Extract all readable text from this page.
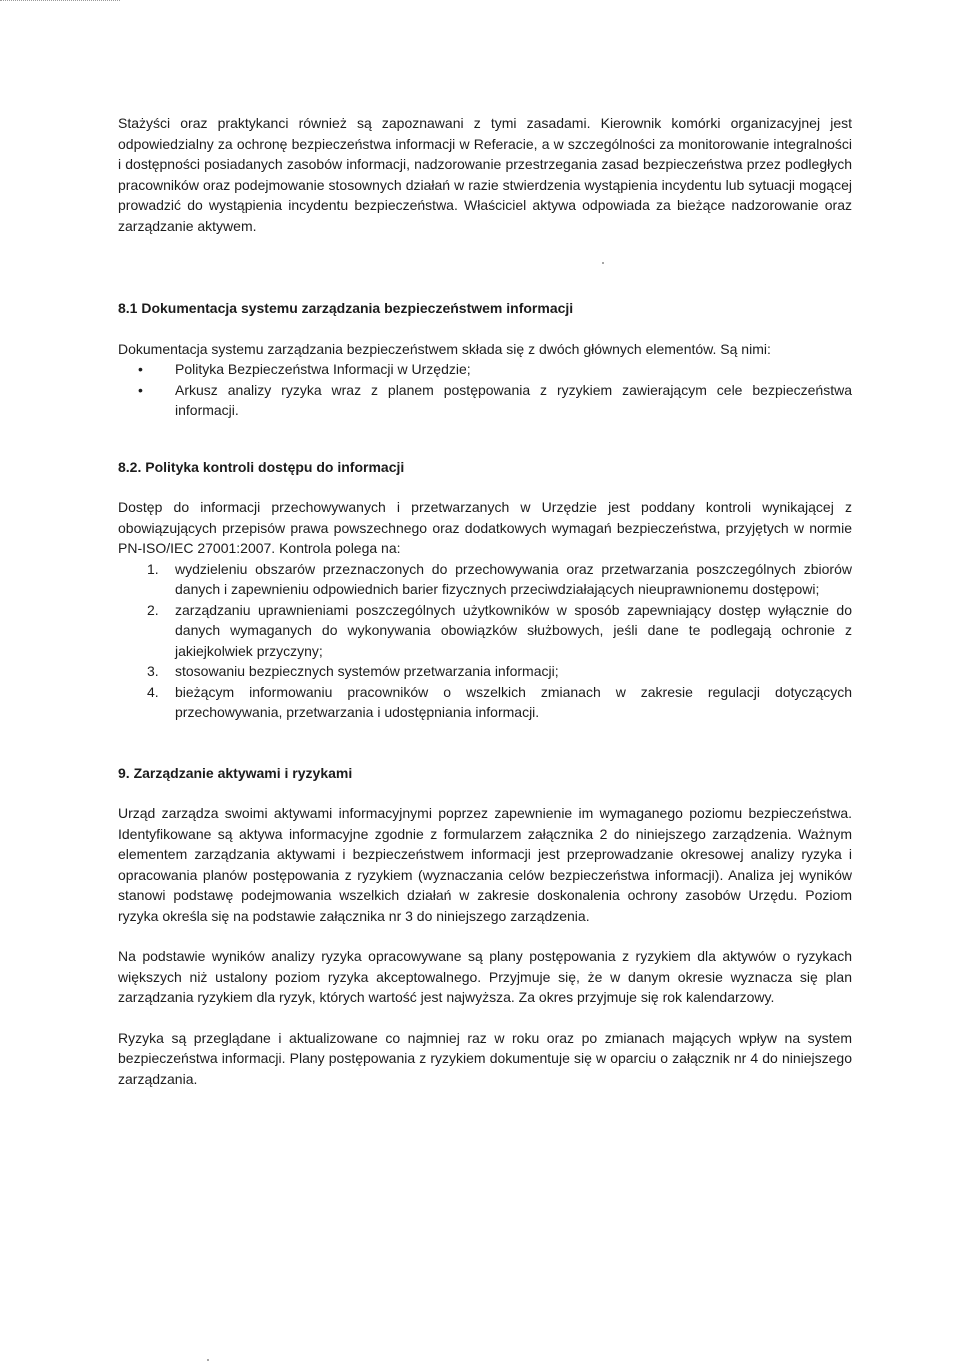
Stażyści oraz praktykanci również są zapoznawani z tymi zasadami. Kierownik komórki organizacyjnej jest odpowiedzialny za ochronę bezpieczeństwa informacji w Referacie, a w szczególności za monitorowanie integralności i dostępności posiadanych zasobów informacji, nadzorowanie przestrzegania zasad bezpieczeństwa przez podległych pracowników oraz podejmowanie stosownych działań w razie stwierdzenia wystąpienia incydentu lub sytuacji mogącej prowadzić do wystąpienia incydentu bezpieczeństwa. Właściciel aktywa odpowiada za bieżące nadzorowanie oraz zarządzanie aktywem.

8.1 Dokumentacja systemu zarządzania bezpieczeństwem informacji

Dokumentacja systemu zarządzania bezpieczeństwem składa się z dwóch głównych elementów. Są nimi:

• Polityka Bezpieczeństwa Informacji w Urzędzie;
• Arkusz analizy ryzyka wraz z planem postępowania z ryzykiem zawierającym cele bezpieczeństwa informacji.
8.2. Polityka kontroli dostępu do informacji

Dostęp do informacji przechowywanych i przetwarzanych w Urzędzie jest poddany kontroli wynikającej z obowiązujących przepisów prawa powszechnego oraz dodatkowych wymagań bezpieczeństwa, przyjętych w normie PN-ISO/IEC 27001:2007. Kontrola polega na:

1. wydzieleniu obszarów przeznaczonych do przechowywania oraz przetwarzania poszczególnych zbiorów danych i zapewnieniu odpowiednich barier fizycznych przeciwdziałających nieuprawnionemu dostępowi;
2. zarządzaniu uprawnieniami poszczególnych użytkowników w sposób zapewniający dostęp wyłącznie do danych wymaganych do wykonywania obowiązków służbowych, jeśli dane te podlegają ochronie z jakiejkolwiek przyczyny;
3. stosowaniu bezpiecznych systemów przetwarzania informacji;
4. bieżącym informowaniu pracowników o wszelkich zmianach w zakresie regulacji dotyczących przechowywania, przetwarzania i udostępniania informacji.
9. Zarządzanie aktywami i ryzykami

Urząd zarządza swoimi aktywami informacyjnymi poprzez zapewnienie im wymaganego poziomu bezpieczeństwa. Identyfikowane są aktywa informacyjne zgodnie z formularzem załącznika 2 do niniejszego zarządzenia. Ważnym elementem zarządzania aktywami i bezpieczeństwem informacji jest przeprowadzanie okresowej analizy ryzyka i opracowania planów postępowania z ryzykiem (wyznaczania celów bezpieczeństwa informacji). Analiza jej wyników stanowi podstawę podejmowania wszelkich działań w zakresie doskonalenia ochrony zasobów Urzędu. Poziom ryzyka określa się na podstawie załącznika nr 3 do niniejszego zarządzenia.

Na podstawie wyników analizy ryzyka opracowywane są plany postępowania z ryzykiem dla aktywów o ryzykach większych niż ustalony poziom ryzyka akceptowalnego. Przyjmuje się, że w danym okresie wyznacza się plan zarządzania ryzykiem dla ryzyk, których wartość jest najwyższa. Za okres przyjmuje się rok kalendarzowy.

Ryzyka są przeglądane i aktualizowane co najmniej raz w roku oraz po zmianach mających wpływ na system bezpieczeństwa informacji. Plany postępowania z ryzykiem dokumentuje się w oparciu o załącznik nr 4 do niniejszego zarządzania.
